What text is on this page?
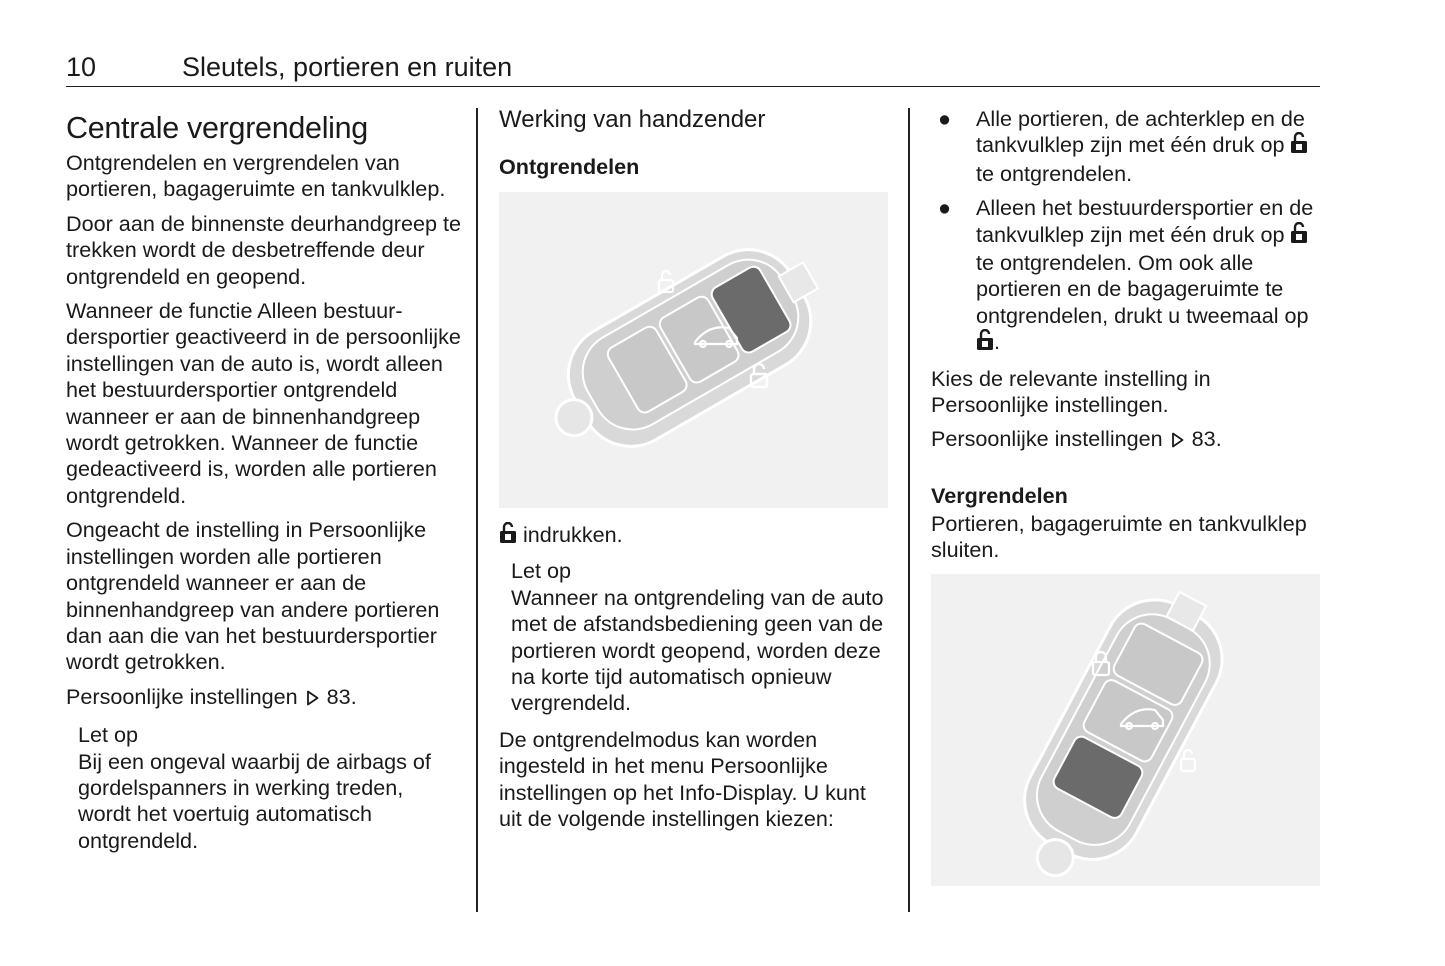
10	Sleutels, portieren en ruiten
Centrale vergrendeling

Ontgrendelen en vergrendelen van portieren, bagageruimte en tankvulklep.

Door aan de binnenste deurhandgreep te trekken wordt de desbetreffende deur ontgrendeld en geopend.

Wanneer de functie Alleen bestuurdersportier geactiveerd in de persoonlijke instellingen van de auto is, wordt alleen het bestuurdersportier ontgrendeld wanneer er aan de binnenhandgreep wordt getrokken. Wanneer de functie gedeactiveerd is, worden alle portieren ontgrendeld.

Ongeacht de instelling in Persoonlijke instellingen worden alle portieren ontgrendeld wanneer er aan de binnenhandgreep van andere portieren dan aan die van het bestuurdersportier wordt getrokken.

Persoonlijke instellingen 83.

Let op

Bij een ongeval waarbij de airbags of gordelspanners in werking treden, wordt het voertuig automatisch ontgrendeld.

Werking van handzender
Ontgrendelen

indrukken.

Let op

Wanneer na ontgrendeling van de auto met de afstandsbediening geen van de portieren wordt geopend, worden deze na korte tijd automatisch opnieuw vergrendeld.

De ontgrendelmodus kan worden ingesteld in het menu Persoonlijke instellingen op het Info-Display. U kunt uit de volgende instellingen kiezen:

● Alle portieren, de achterklep en de tankvulklep zijn met één druk op  te ontgrendelen.
● Alleen het bestuurdersportier en de tankvulklep zijn met één druk op  te ontgrendelen. Om ook alle portieren en de bagageruimte te ontgrendelen, drukt u tweemaal op .

Kies de relevante instelling in Persoonlijke instellingen.

Persoonlijke instellingen 83.

Vergrendelen

Portieren, bagageruimte en tankvulklep sluiten.
